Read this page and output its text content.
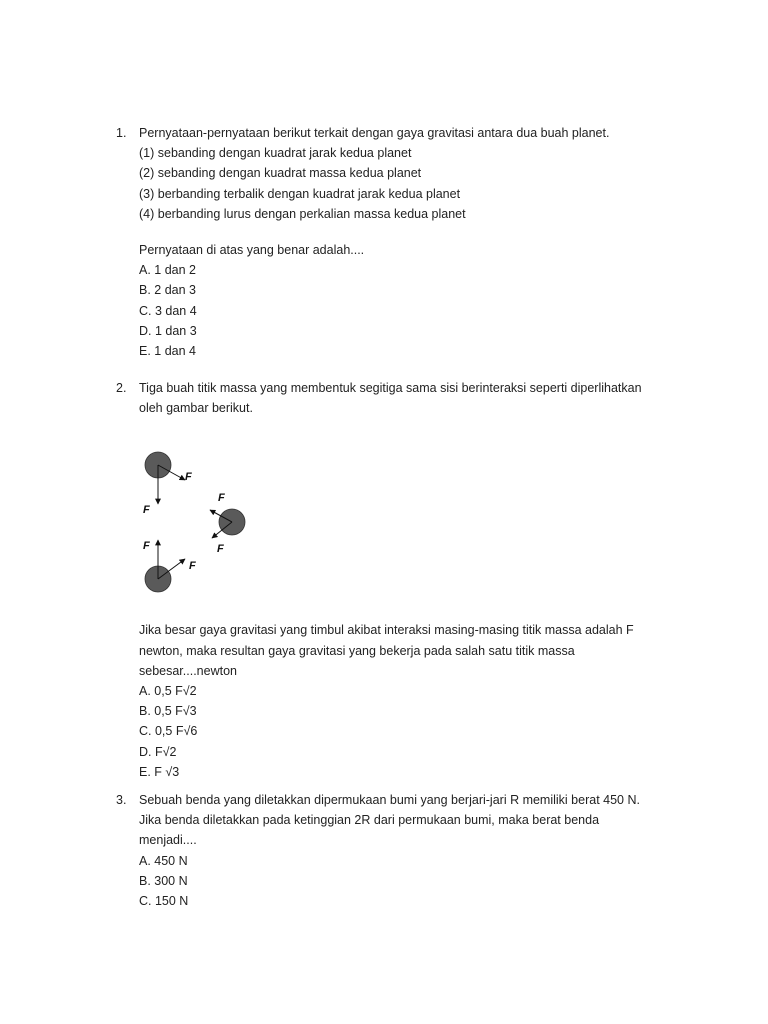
1.	Pernyataan-pernyataan berikut terkait dengan gaya gravitasi antara dua buah planet.
(1) sebanding dengan kuadrat jarak kedua planet
(2) sebanding dengan kuadrat massa kedua planet
(3) berbanding terbalik dengan kuadrat jarak kedua planet
(4) berbanding lurus dengan perkalian massa kedua planet
Pernyataan di atas yang benar adalah....
A. 1 dan 2
B. 2 dan 3
C. 3 dan 4
D. 1 dan 3
E. 1 dan 4
2.	Tiga buah titik massa yang membentuk segitiga sama sisi berinteraksi seperti diperlihatkan
oleh gambar berikut.
F
F
F
F
F
F
Jika besar gaya gravitasi yang timbul akibat interaksi masing-masing titik massa adalah F
newton, maka resultan gaya gravitasi yang bekerja pada salah satu titik massa
sebesar....newton
A. 0,5 F√2
B. 0,5 F√3
C. 0,5 F√6
D. F√2
E. F √3
3.	Sebuah benda yang diletakkan dipermukaan bumi yang berjari-jari R memiliki berat 450 N.
Jika benda diletakkan pada ketinggian 2R dari permukaan bumi, maka berat benda
menjadi....
A. 450 N
B. 300 N
C. 150 N
